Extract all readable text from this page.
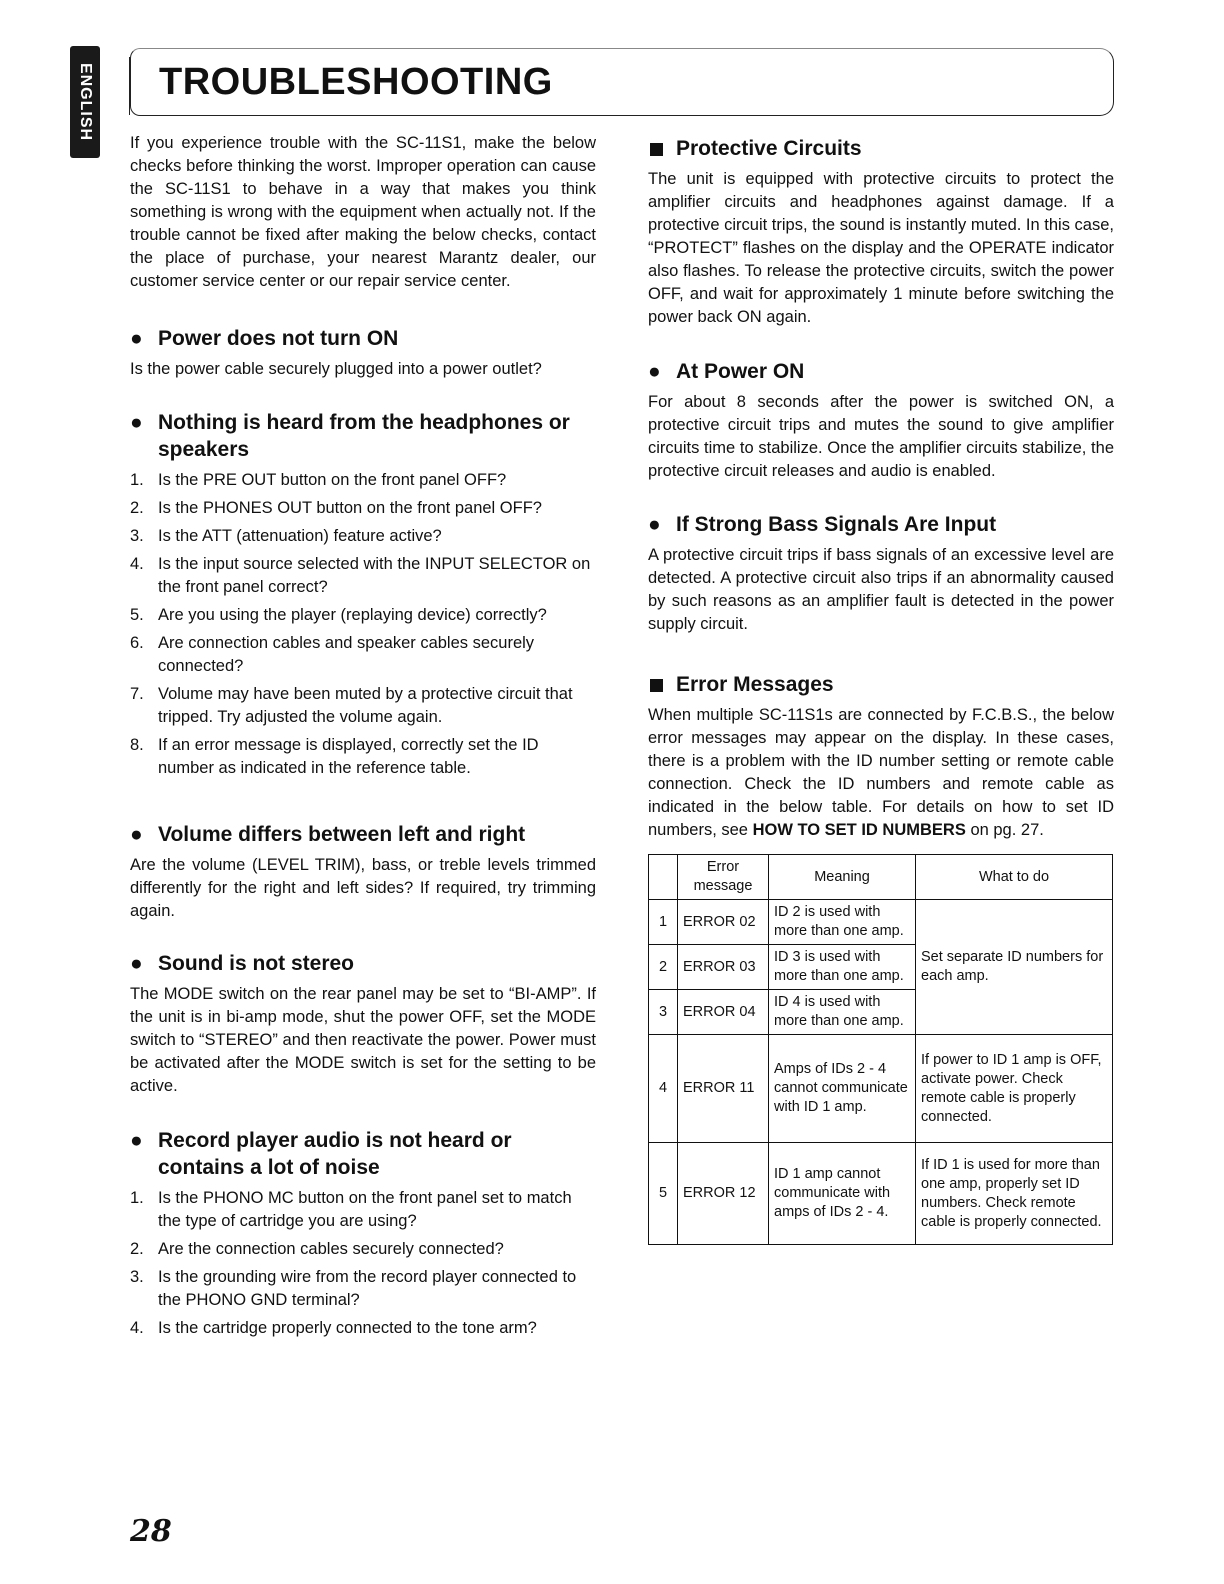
ENGLISH TROUBLESHOOTING

If you experience trouble with the SC-11S1, make the below checks before thinking the worst. Improper operation can cause the SC-11S1 to behave in a way that makes you think something is wrong with the equipment when actually not. If the trouble cannot be fixed after making the below checks, contact the place of purchase, your nearest Marantz dealer, our customer service center or our repair service center.

● Power does not turn ON

Is the power cable securely plugged into a power outlet?

● Nothing is heard from the headphones or speakers
1. Is the PRE OUT button on the front panel OFF?
2. Is the PHONES OUT button on the front panel OFF?
3. Is the ATT (attenuation) feature active?
4. Is the input source selected with the INPUT SELECTOR on the front panel correct?
5. Are you using the player (replaying device) correctly?
6. Are connection cables and speaker cables securely connected?
7. Volume may have been muted by a protective circuit that tripped. Try adjusted the volume again.
8. If an error message is displayed, correctly set the ID number as indicated in the reference table.
● Volume differs between left and right

Are the volume (LEVEL TRIM), bass, or treble levels trimmed differently for the right and left sides? If required, try trimming again.

● Sound is not stereo

The MODE switch on the rear panel may be set to “BI-AMP”. If the unit is in bi-amp mode, shut the power OFF, set the MODE switch to “STEREO” and then reactivate the power. Power must be activated after the MODE switch is set for the setting to be active.

● Record player audio is not heard or contains a lot of noise
1. Is the PHONO MC button on the front panel set to match the type of cartridge you are using?
2. Are the connection cables securely connected?
3. Is the grounding wire from the record player connected to the PHONO GND terminal?
4. Is the cartridge properly connected to the tone arm?
Protective Circuits

The unit is equipped with protective circuits to protect the amplifier circuits and headphones against damage. If a protective circuit trips, the sound is instantly muted. In this case, “PROTECT” flashes on the display and the OPERATE indicator also flashes. To release the protective circuits, switch the power OFF, and wait for approximately 1 minute before switching the power back ON again.

● At Power ON

For about 8 seconds after the power is switched ON, a protective circuit trips and mutes the sound to give amplifier circuits time to stabilize. Once the amplifier circuits stabilize, the protective circuit releases and audio is enabled.

● If Strong Bass Signals Are Input

A protective circuit trips if bass signals of an excessive level are detected. A protective circuit also trips if an abnormality caused by such reasons as an amplifier fault is detected in the power supply circuit.

Error Messages

When multiple SC-11S1s are connected by F.C.B.S., the below error messages may appear on the display. In these cases, there is a problem with the ID number setting or remote cable connection. Check the ID numbers and remote cable as indicated in the below table. For details on how to set ID numbers, see HOW TO SET ID NUMBERS on pg. 27.

	Error message	Meaning	What to do
1	ERROR 02	ID 2 is used with more than one amp.	Set separate ID numbers for each amp.
2	ERROR 03	ID 3 is used with more than one amp.	
3	ERROR 04	ID 4 is used with more than one amp.	
4	ERROR 11	Amps of IDs 2 - 4 cannot communicate with ID 1 amp.	If power to ID 1 amp is OFF, activate power. Check remote cable is properly connected.
5	ERROR 12	ID 1 amp cannot communicate with amps of IDs 2 - 4.	If ID 1 is used for more than one amp, properly set ID numbers. Check remote cable is properly connected.
28
